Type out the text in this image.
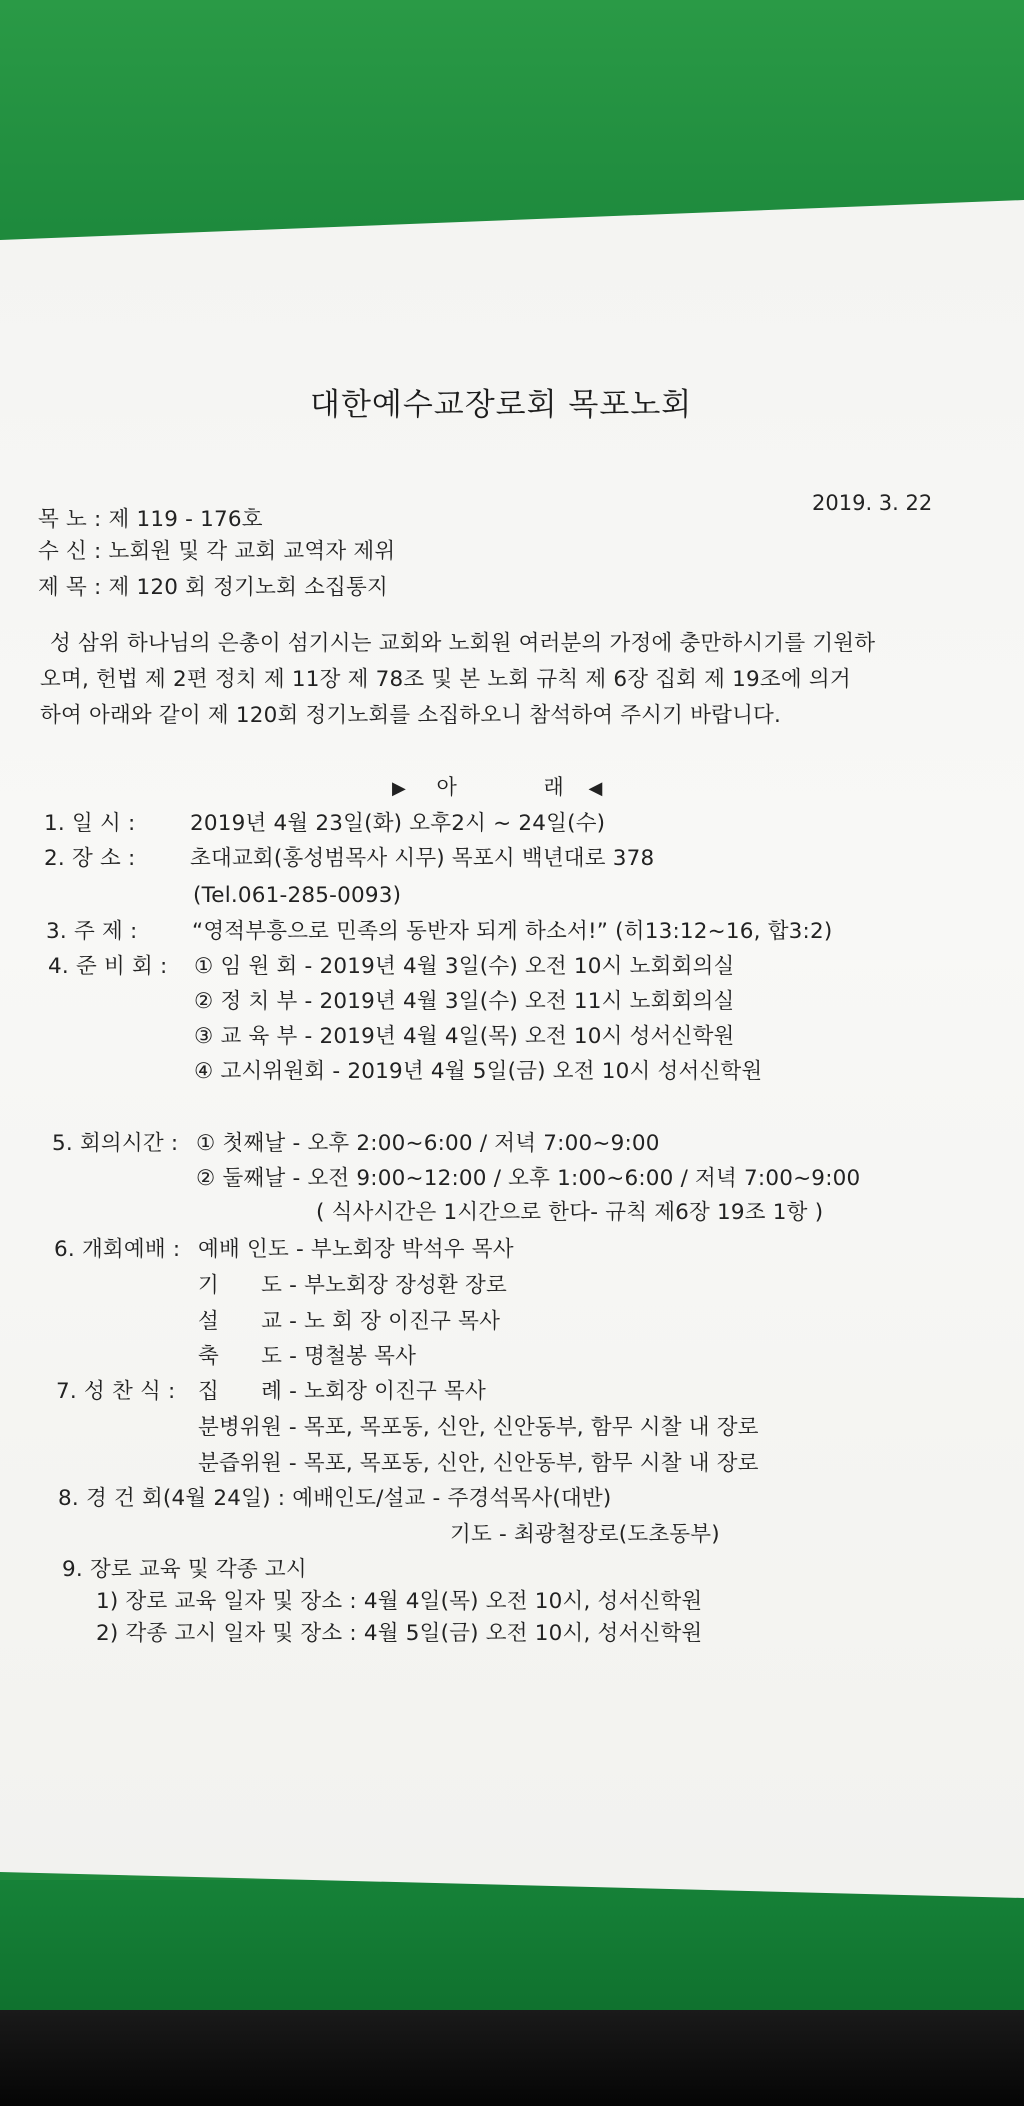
대한예수교장로회 목포노회
2019. 3. 22
목 노 : 제 119 - 176호
수 신 : 노회원 및 각 교회 교역자 제위
제 목 : 제 120 회 정기노회 소집통지
성 삼위 하나님의 은총이 섬기시는 교회와 노회원 여러분의 가정에 충만하시기를 기원하
오며, 헌법 제 2편 정치 제 11장 제 78조 및 본 노회 규칙 제 6장 집회 제 19조에 의거
하여 아래와 같이 제 120회 정기노회를 소집하오니 참석하여 주시기 바랍니다.
▶ 아	래 ◀
1. 일 시 :	2019년 4월 23일(화) 오후2시 ~ 24일(수)
2. 장 소 :	초대교회(홍성범목사 시무) 목포시 백년대로 378
(Tel.061-285-0093)
3. 주 제 :	“영적부흥으로 민족의 동반자 되게 하소서!” (히13:12~16, 합3:2)
4. 준 비 회 : ① 임 원 회 - 2019년 4월 3일(수) 오전 10시 노회회의실
② 정 치 부 - 2019년 4월 3일(수) 오전 11시 노회회의실
③ 교 육 부 - 2019년 4월 4일(목) 오전 10시 성서신학원
④ 고시위원회 - 2019년 4월 5일(금) 오전 10시 성서신학원
5. 회의시간 : ① 첫째날 - 오후 2:00~6:00 / 저녁 7:00~9:00
② 둘째날 - 오전 9:00~12:00 / 오후 1:00~6:00 / 저녁 7:00~9:00
( 식사시간은 1시간으로 한다- 규칙 제6장 19조 1항 )
6. 개회예배 : 예배 인도 - 부노회장 박석우 목사
기      도 - 부노회장 장성환 장로
설      교 - 노 회 장 이진구 목사
축      도 - 명철봉 목사
7. 성 찬 식 : 집      례 - 노회장 이진구 목사
분병위원 - 목포, 목포동, 신안, 신안동부, 함무 시찰 내 장로
분즙위원 - 목포, 목포동, 신안, 신안동부, 함무 시찰 내 장로
8. 경 건 회(4월 24일) : 예배인도/설교 - 주경석목사(대반)
기도 - 최광철장로(도초동부)
9. 장로 교육 및 각종 고시
1) 장로 교육 일자 및 장소 : 4월 4일(목) 오전 10시, 성서신학원
2) 각종 고시 일자 및 장소 : 4월 5일(금) 오전 10시, 성서신학원
